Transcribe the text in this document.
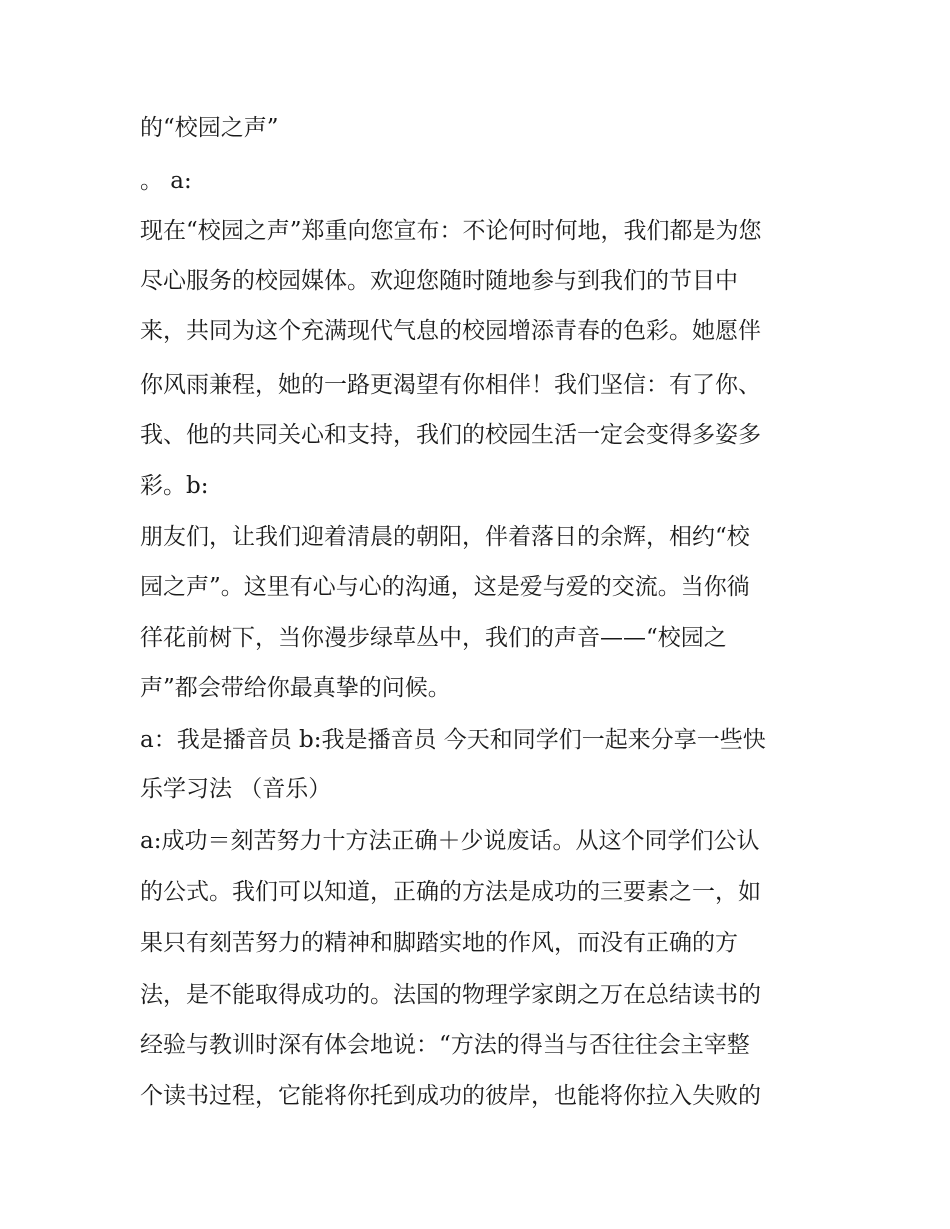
的“校园之声”
。 a:
现在“校园之声”郑重向您宣布：不论何时何地，我们都是为您
尽心服务的校园媒体。欢迎您随时随地参与到我们的节目中
来，共同为这个充满现代气息的校园增添青春的色彩。她愿伴
你风雨兼程，她的一路更渴望有你相伴！我们坚信：有了你、
我、他的共同关心和支持，我们的校园生活一定会变得多姿多
彩。b:
朋友们，让我们迎着清晨的朝阳，伴着落日的余辉，相约“校
园之声”。这里有心与心的沟通，这是爱与爱的交流。当你徜
徉花前树下，当你漫步绿草丛中，我们的声音——“校园之
声”都会带给你最真挚的问候。
a：我是播音员 b:我是播音员 今天和同学们一起来分享一些快
乐学习法 （音乐）
a:成功＝刻苦努力十方法正确＋少说废话。从这个同学们公认
的公式。我们可以知道，正确的方法是成功的三要素之一，如
果只有刻苦努力的精神和脚踏实地的作风，而没有正确的方
法，是不能取得成功的。法国的物理学家朗之万在总结读书的
经验与教训时深有体会地说：“方法的得当与否往往会主宰整
个读书过程，它能将你托到成功的彼岸，也能将你拉入失败的
